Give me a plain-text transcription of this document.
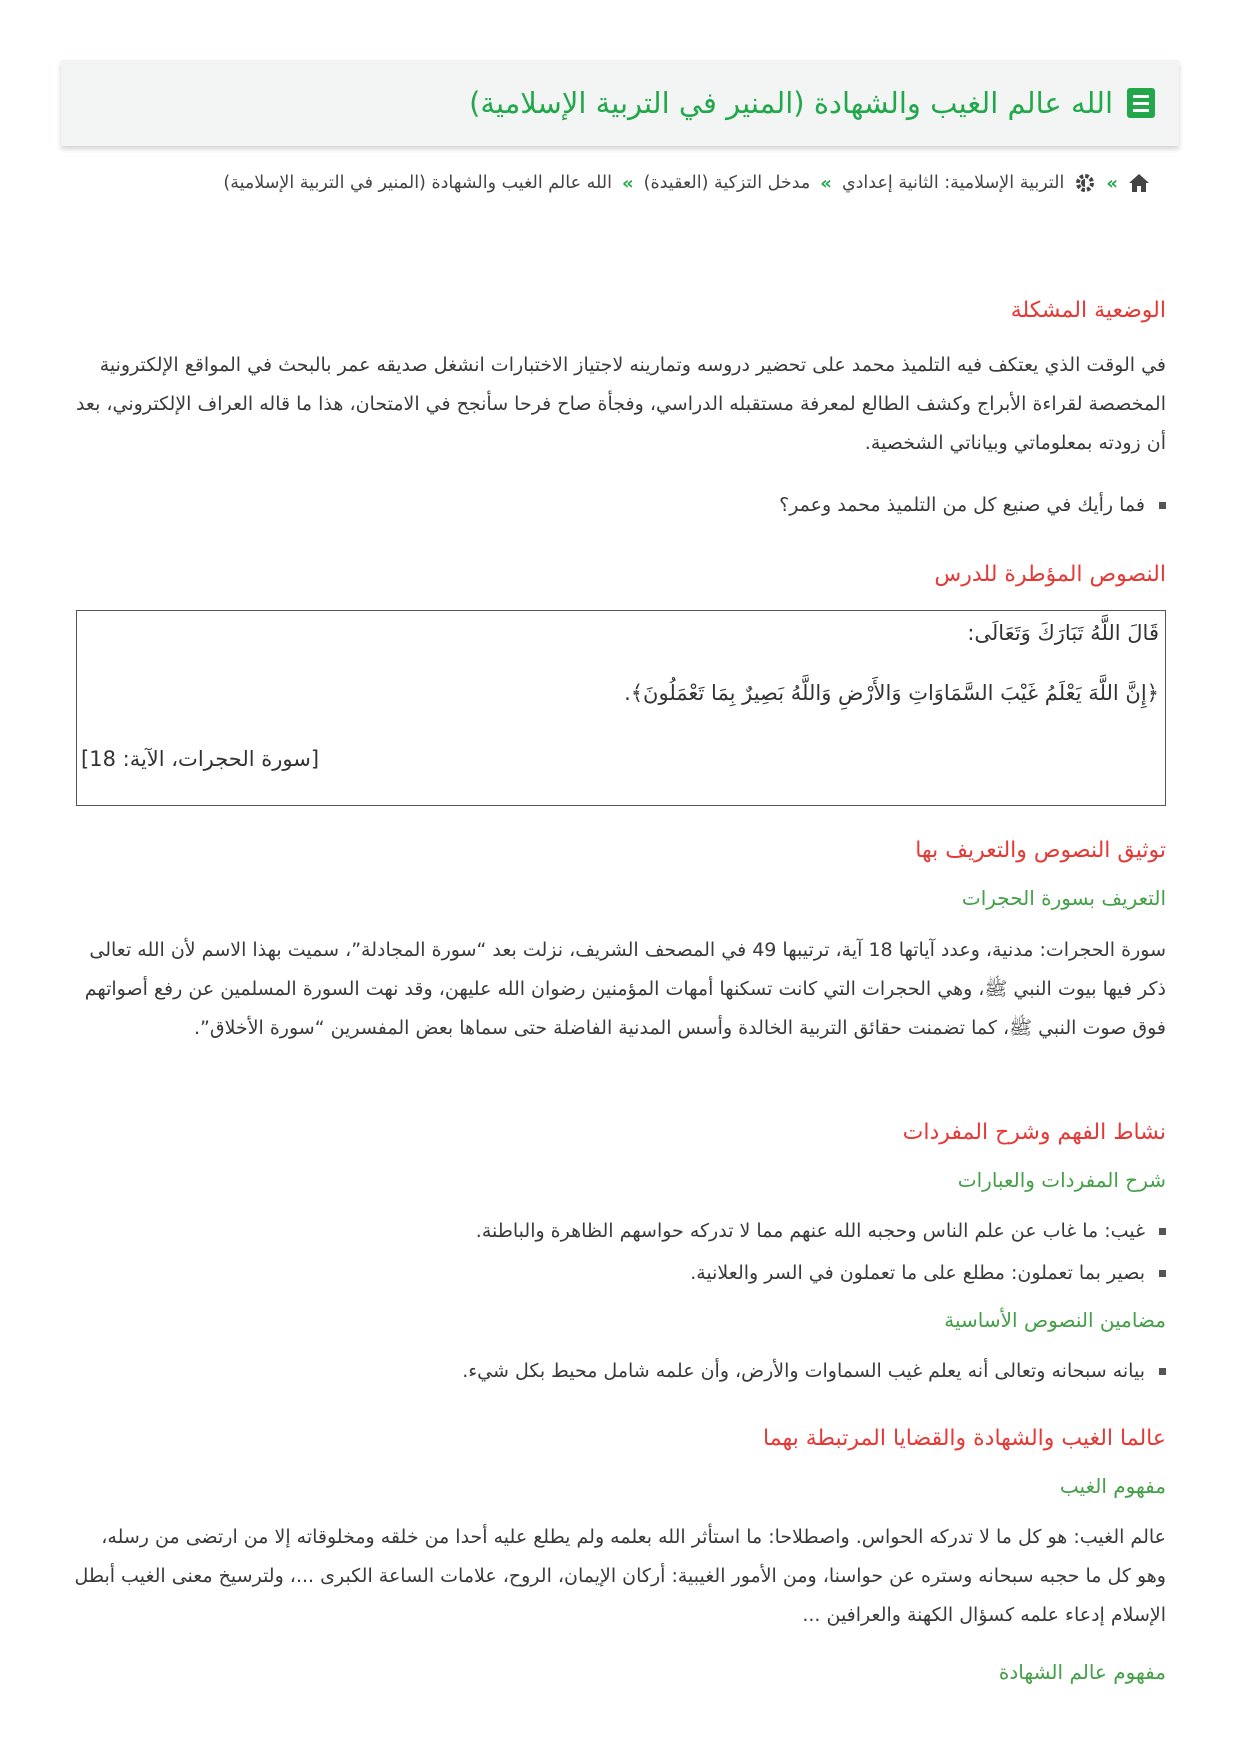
الله عالم الغيب والشهادة (المنير في التربية الإسلامية)
»
التربية الإسلامية: الثانية إعدادي
»
مدخل التزكية (العقيدة)
»
الله عالم الغيب والشهادة (المنير في التربية الإسلامية)
الوضعية المشكلة

في الوقت الذي يعتكف فيه التلميذ محمد على تحضير دروسه وتمارينه لاجتياز الاختبارات انشغل صديقه عمر بالبحث في المواقع الإلكترونية المخصصة لقراءة الأبراج وكشف الطالع لمعرفة مستقبله الدراسي، وفجأة صاح فرحا سأنجح في الامتحان، هذا ما قاله العراف الإلكتروني، بعد أن زودته بمعلوماتي وبياناتي الشخصية.

فما رأيك في صنيع كل من التلميذ محمد وعمر؟
النصوص المؤطرة للدرس
قَالَ اللَّهُ تَبَارَكَ وَتَعَالَى:
﴿إِنَّ اللَّهَ يَعْلَمُ غَيْبَ السَّمَاوَاتِ وَالأَرْضِ وَاللَّهُ بَصِيرٌ بِمَا تَعْمَلُونَ﴾.
[سورة الحجرات، الآية: 18]
توثيق النصوص والتعريف بها
التعريف بسورة الحجرات

سورة الحجرات: مدنية، وعدد آياتها 18 آية، ترتيبها 49 في المصحف الشريف، نزلت بعد “سورة المجادلة”، سميت بهذا الاسم لأن الله تعالى ذكر فيها بيوت النبي ﷺ، وهي الحجرات التي كانت تسكنها أمهات المؤمنين رضوان الله عليهن، وقد نهت السورة المسلمين عن رفع أصواتهم فوق صوت النبي ﷺ، كما تضمنت حقائق التربية الخالدة وأسس المدنية الفاضلة حتى سماها بعض المفسرين “سورة الأخلاق”.

نشاط الفهم وشرح المفردات
شرح المفردات والعبارات
غيب: ما غاب عن علم الناس وحجبه الله عنهم مما لا تدركه حواسهم الظاهرة والباطنة.
بصير بما تعملون: مطلع على ما تعملون في السر والعلانية.
مضامين النصوص الأساسية
بيانه سبحانه وتعالى أنه يعلم غيب السماوات والأرض، وأن علمه شامل محيط بكل شيء.
عالما الغيب والشهادة والقضايا المرتبطة بهما
مفهوم الغيب

عالم الغيب: هو كل ما لا تدركه الحواس. واصطلاحا: ما استأثر الله بعلمه ولم يطلع عليه أحدا من خلقه ومخلوقاته إلا من ارتضى من رسله، وهو كل ما حجبه سبحانه وستره عن حواسنا، ومن الأمور الغيبية: أركان الإيمان، الروح، علامات الساعة الكبرى ...، ولترسيخ معنى الغيب أبطل الإسلام إدعاء علمه كسؤال الكهنة والعرافين ...

مفهوم عالم الشهادة
